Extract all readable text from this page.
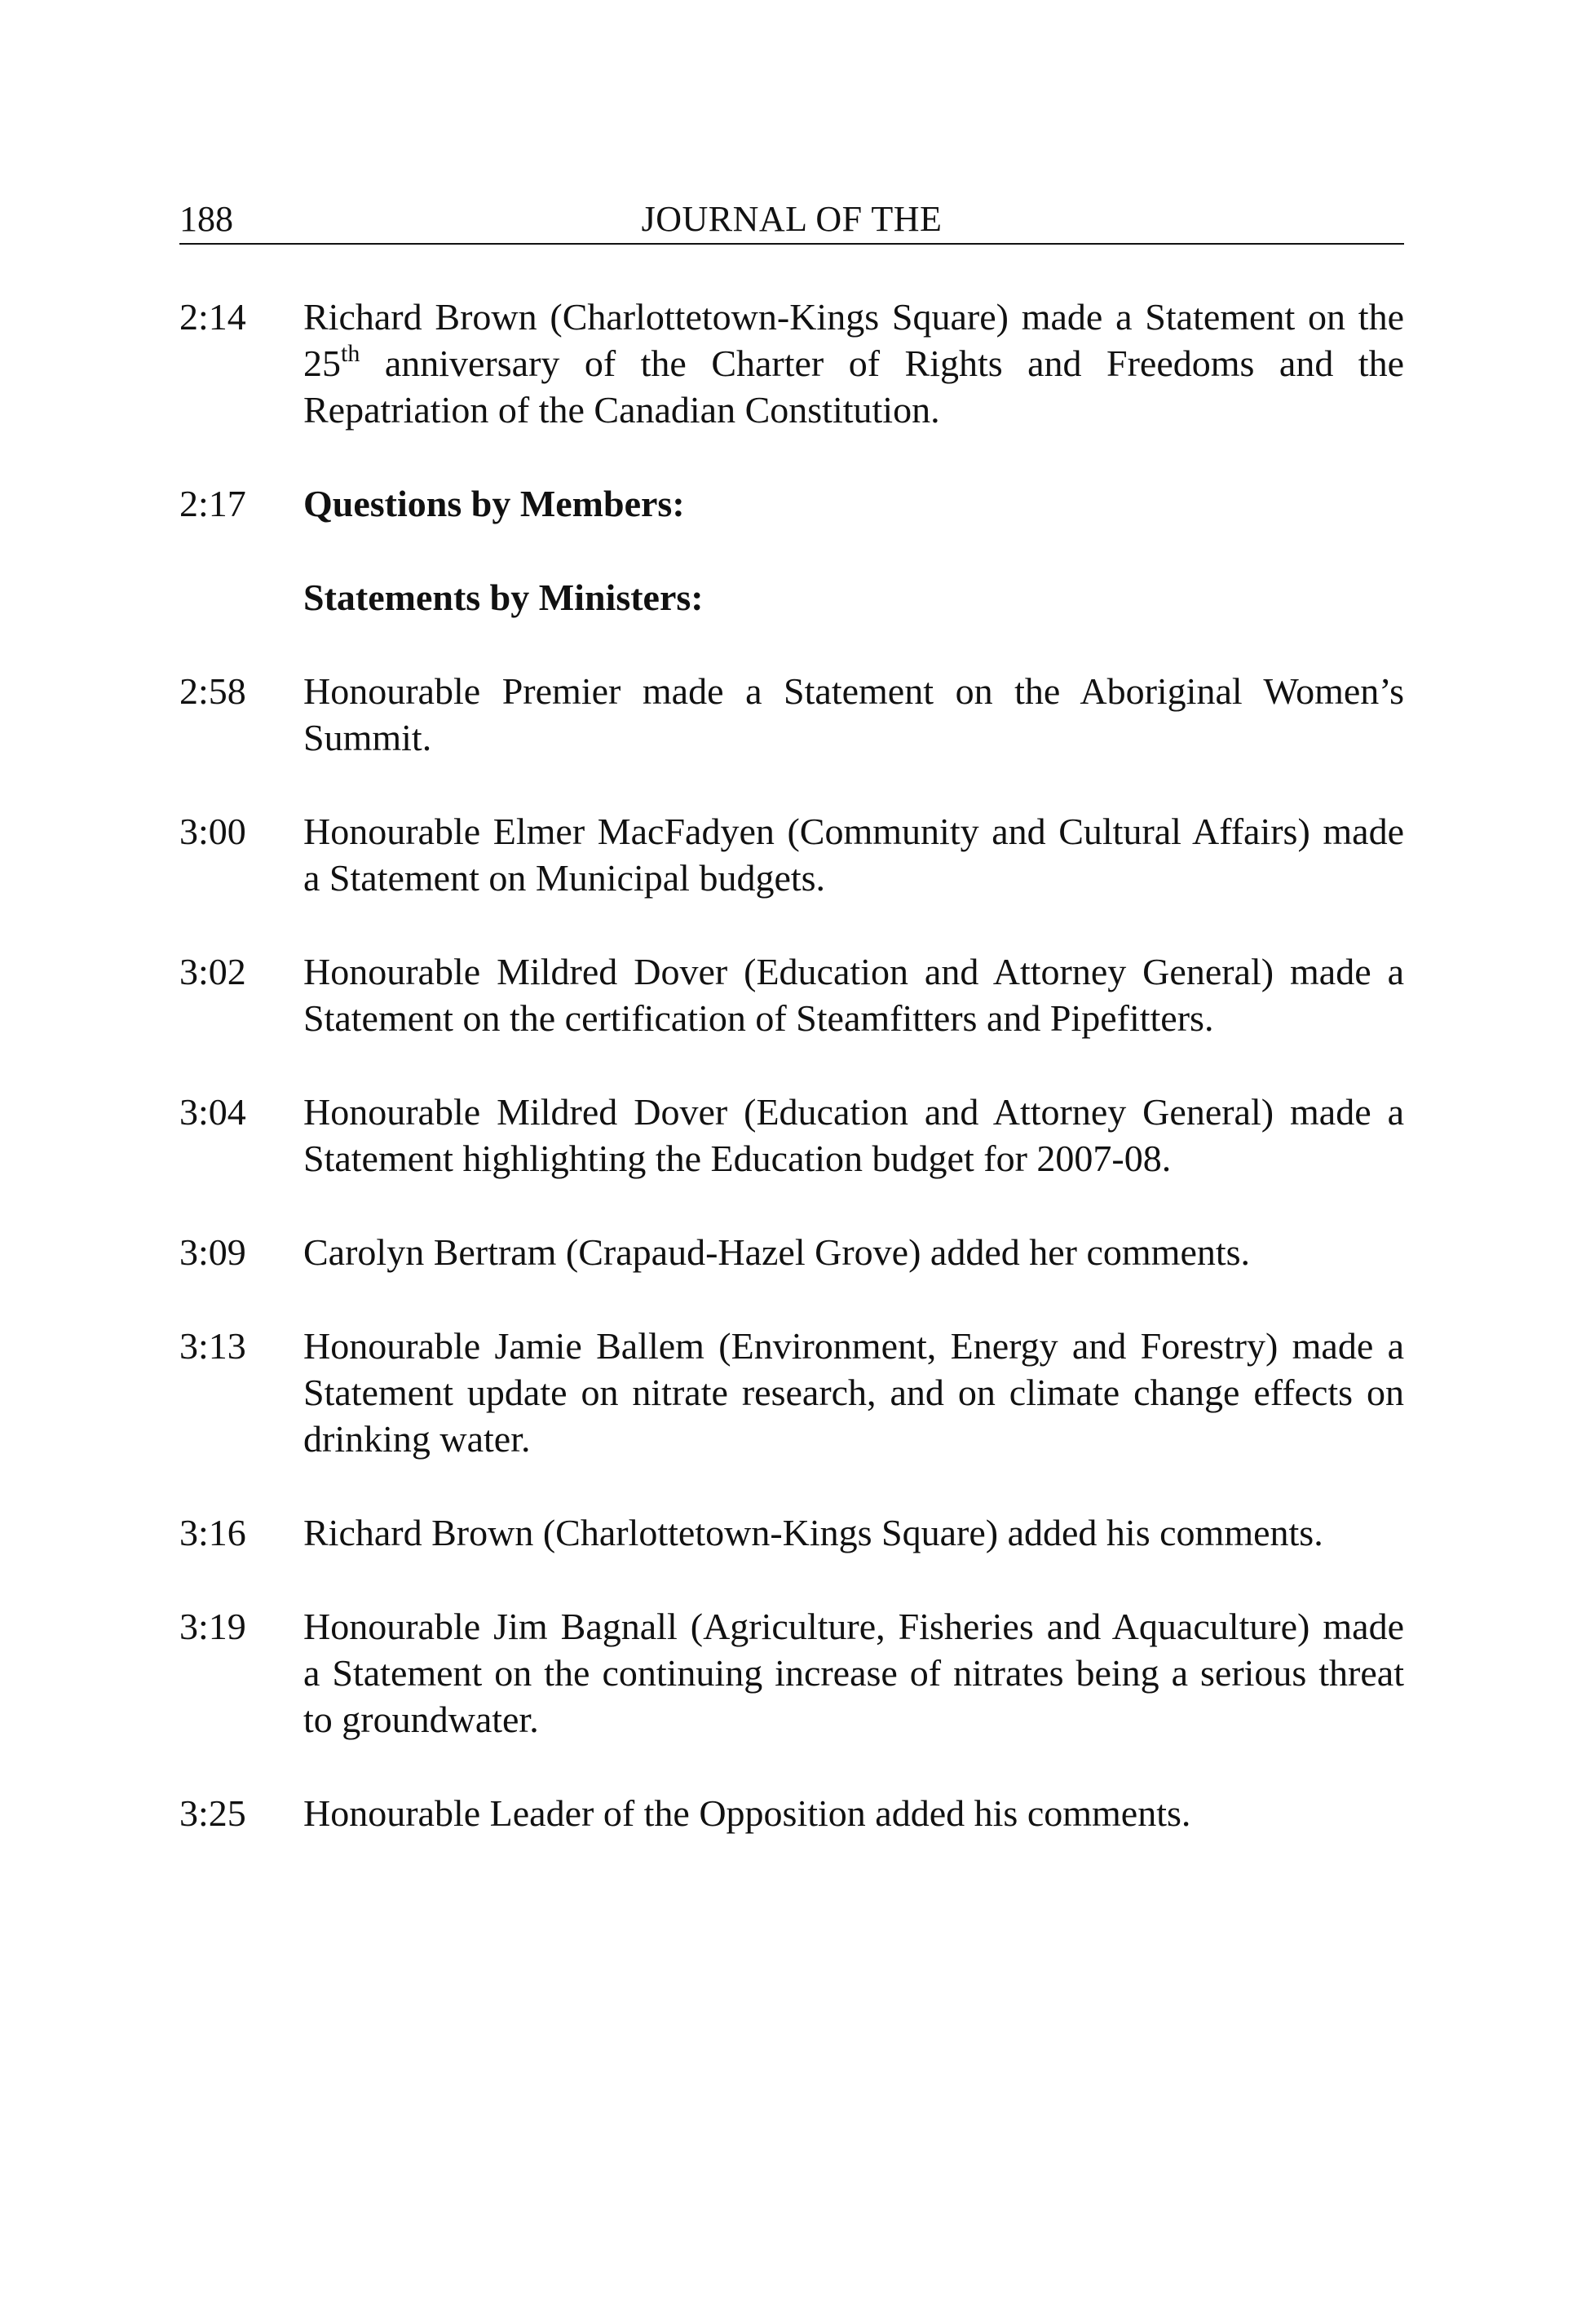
188	JOURNAL OF THE
2:14 Richard Brown (Charlottetown-Kings Square) made a Statement on the 25th anniversary of the Charter of Rights and Freedoms and the Repatriation of the Canadian Constitution.
2:17 Questions by Members:
Statements by Ministers:
2:58 Honourable Premier made a Statement on the Aboriginal Women’s Summit.
3:00 Honourable Elmer MacFadyen (Community and Cultural Affairs) made a Statement on Municipal budgets.
3:02 Honourable Mildred Dover (Education and Attorney General) made a Statement on the certification of Steamfitters and Pipefitters.
3:04 Honourable Mildred Dover (Education and Attorney General) made a Statement highlighting the Education budget for 2007-08.
3:09 Carolyn Bertram (Crapaud-Hazel Grove) added her comments.
3:13 Honourable Jamie Ballem (Environment, Energy and Forestry) made a Statement update on nitrate research, and on climate change effects on drinking water.
3:16 Richard Brown (Charlottetown-Kings Square) added his comments.
3:19 Honourable Jim Bagnall (Agriculture, Fisheries and Aquaculture) made a Statement on the continuing increase of nitrates being a serious threat to groundwater.
3:25 Honourable Leader of the Opposition added his comments.
